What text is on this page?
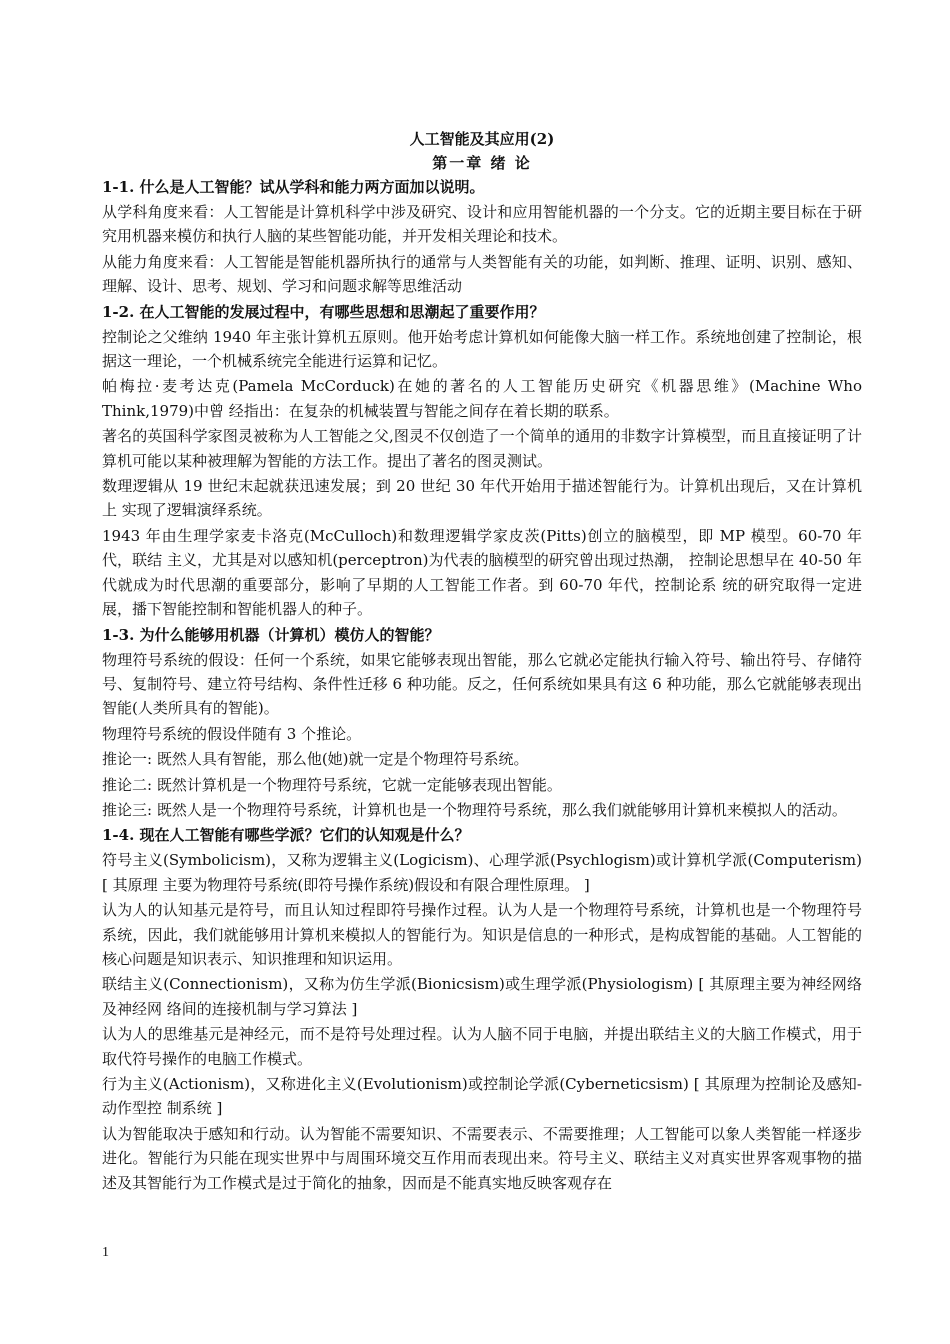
人工智能及其应用(2)
第一章 绪 论
1-1. 什么是人工智能？试从学科和能力两方面加以说明。

从学科角度来看：人工智能是计算机科学中涉及研究、设计和应用智能机器的一个分支。它的近期主要目标在于研 究用机器来模仿和执行人脑的某些智能功能，并开发相关理论和技术。

从能力角度来看：人工智能是智能机器所执行的通常与人类智能有关的功能，如判断、推理、证明、识别、感知、 理解、设计、思考、规划、学习和问题求解等思维活动

1-2. 在人工智能的发展过程中，有哪些思想和思潮起了重要作用？

控制论之父维纳 1940 年主张计算机五原则。他开始考虑计算机如何能像大脑一样工作。系统地创建了控制论，根 据这一理论，一个机械系统完全能进行运算和记忆。

帕梅拉·麦考达克(Pamela McCorduck)在她的著名的人工智能历史研究《机器思维》(Machine Who Think,1979)中曾 经指出：在复杂的机械装置与智能之间存在着长期的联系。

著名的英国科学家图灵被称为人工智能之父,图灵不仅创造了一个简单的通用的非数字计算模型，而且直接证明了计 算机可能以某种被理解为智能的方法工作。提出了著名的图灵测试。

数理逻辑从 19 世纪末起就获迅速发展；到 20 世纪 30 年代开始用于描述智能行为。计算机出现后，又在计算机上 实现了逻辑演绎系统。

1943 年由生理学家麦卡洛克(McCulloch)和数理逻辑学家皮茨(Pitts)创立的脑模型，即 MP 模型。60-70 年代，联结 主义，尤其是对以感知机(perceptron)为代表的脑模型的研究曾出现过热潮， 控制论思想早在 40-50 年代就成为时代思潮的重要部分，影响了早期的人工智能工作者。到 60-70 年代，控制论系 统的研究取得一定进展，播下智能控制和智能机器人的种子。

1-3. 为什么能够用机器（计算机）模仿人的智能？

物理符号系统的假设：任何一个系统，如果它能够表现出智能，那么它就必定能执行输入符号、输出符号、存储符 号、复制符号、建立符号结构、条件性迁移 6 种功能。反之，任何系统如果具有这 6 种功能，那么它就能够表现出 智能(人类所具有的智能)。

物理符号系统的假设伴随有 3 个推论。

推论一: 既然人具有智能，那么他(她)就一定是个物理符号系统。

推论二: 既然计算机是一个物理符号系统，它就一定能够表现出智能。

推论三: 既然人是一个物理符号系统，计算机也是一个物理符号系统，那么我们就能够用计算机来模拟人的活动。

1-4. 现在人工智能有哪些学派？它们的认知观是什么？

符号主义(Symbolicism)，又称为逻辑主义(Logicism)、心理学派(Psychlogism)或计算机学派(Computerism) [ 其原理 主要为物理符号系统(即符号操作系统)假设和有限合理性原理。 ]

认为人的认知基元是符号，而且认知过程即符号操作过程。认为人是一个物理符号系统，计算机也是一个物理符号 系统，因此，我们就能够用计算机来模拟人的智能行为。知识是信息的一种形式，是构成智能的基础。人工智能的 核心问题是知识表示、知识推理和知识运用。

联结主义(Connectionism)，又称为仿生学派(Bionicsism)或生理学派(Physiologism) [ 其原理主要为神经网络及神经网 络间的连接机制与学习算法 ]

认为人的思维基元是神经元，而不是符号处理过程。认为人脑不同于电脑，并提出联结主义的大脑工作模式，用于 取代符号操作的电脑工作模式。

行为主义(Actionism)，又称进化主义(Evolutionism)或控制论学派(Cyberneticsism) [ 其原理为控制论及感知-动作型控 制系统 ]

认为智能取决于感知和行动。认为智能不需要知识、不需要表示、不需要推理；人工智能可以象人类智能一样逐步进化。智能行为只能在现实世界中与周围环境交互作用而表现出来。符号主义、联结主义对真实世界客观事物的描 述及其智能行为工作模式是过于简化的抽象，因而是不能真实地反映客观存在

1
